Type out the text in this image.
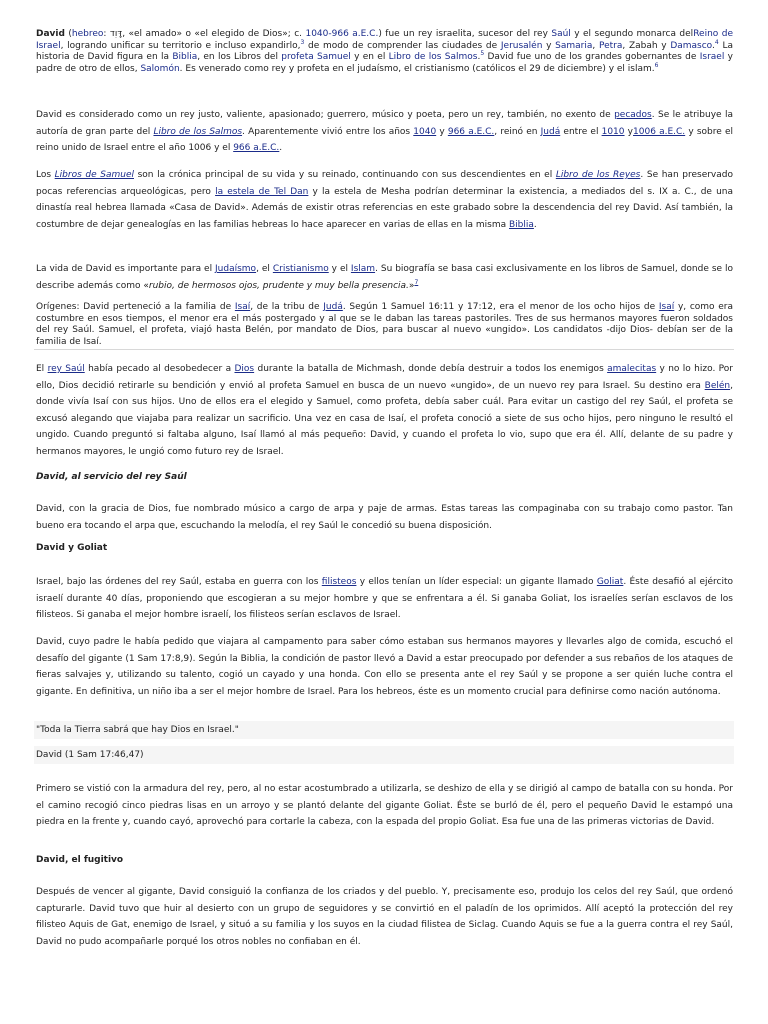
David (hebreo: דָּוִד, «el amado» o «el elegido de Dios»; c. 1040-966 a.E.C.) fue un rey israelita, sucesor del rey Saúl y el segundo monarca delReino de Israel, logrando unificar su territorio e incluso expandirlo,$^3$ de modo de comprender las ciudades de Jerusalén y Samaria, Petra, Zabah y Damasco.$^4$ La historia de David figura en la Biblia, en los Libros del profeta Samuel y en el Libro de los Salmos.$^5$ David fue uno de los grandes gobernantes de Israel y padre de otro de ellos, Salomón. Es venerado como rey y profeta en el judaísmo, el cristianismo (católicos el 29 de diciembre) y el islam.$^6$
David es considerado como un rey justo, valiente, apasionado; guerrero, músico y poeta, pero un rey, también, no exento de pecados. Se le atribuye la autoría de gran parte del Libro de los Salmos. Aparentemente vivió entre los años 1040 y 966 a.E.C., reinó en Judá entre el 1010 y1006 a.E.C. y sobre el reino unido de Israel entre el año 1006 y el 966 a.E.C..
Los Libros de Samuel son la crónica principal de su vida y su reinado, continuando con sus descendientes en el Libro de los Reyes. Se han preservado pocas referencias arqueológicas, pero la estela de Tel Dan y la estela de Mesha podrían determinar la existencia, a mediados del s. IX a. C., de una dinastía real hebrea llamada «Casa de David». Además de existir otras referencias en este grabado sobre la descendencia del rey David. Así también, la costumbre de dejar genealogías en las familias hebreas lo hace aparecer en varias de ellas en la misma Biblia.
La vida de David es importante para el Judaísmo, el Cristianismo y el Islam. Su biografía se basa casi exclusivamente en los libros de Samuel, donde se lo describe además como «rubio, de hermosos ojos, prudente y muy bella presencia.»$^7$
Orígenes: David perteneció a la familia de Isaí, de la tribu de Judá. Según 1 Samuel 16:11 y 17:12, era el menor de los ocho hijos de Isaí y, como era costumbre en esos tiempos, el menor era el más postergado y al que se le daban las tareas pastoriles. Tres de sus hermanos mayores fueron soldados del rey Saúl. Samuel, el profeta, viajó hasta Belén, por mandato de Dios, para buscar al nuevo «ungido». Los candidatos -dijo Dios- debían ser de la familia de Isaí.
El rey Saúl había pecado al desobedecer a Dios durante la batalla de Michmash, donde debía destruir a todos los enemigos amalecitas y no lo hizo. Por ello, Dios decidió retirarle su bendición y envió al profeta Samuel en busca de un nuevo «ungido», de un nuevo rey para Israel. Su destino era Belén, donde vivía Isaí con sus hijos. Uno de ellos era el elegido y Samuel, como profeta, debía saber cuál. Para evitar un castigo del rey Saúl, el profeta se excusó alegando que viajaba para realizar un sacrificio. Una vez en casa de Isaí, el profeta conoció a siete de sus ocho hijos, pero ninguno le resultó el ungido. Cuando preguntó si faltaba alguno, Isaí llamó al más pequeño: David, y cuando el profeta lo vio, supo que era él. Allí, delante de su padre y hermanos mayores, le ungió como futuro rey de Israel.
David, al servicio del rey Saúl
David, con la gracia de Dios, fue nombrado músico a cargo de arpa y paje de armas. Estas tareas las compaginaba con su trabajo como pastor. Tan bueno era tocando el arpa que, escuchando la melodía, el rey Saúl le concedió su buena disposición.
David y Goliat
Israel, bajo las órdenes del rey Saúl, estaba en guerra con los filisteos y ellos tenían un líder especial: un gigante llamado Goliat. Éste desafió al ejército israelí durante 40 días, proponiendo que escogieran a su mejor hombre y que se enfrentara a él. Si ganaba Goliat, los israelíes serían esclavos de los filisteos. Si ganaba el mejor hombre israelí, los filisteos serían esclavos de Israel.
David, cuyo padre le había pedido que viajara al campamento para saber cómo estaban sus hermanos mayores y llevarles algo de comida, escuchó el desafío del gigante (1 Sam 17:8,9). Según la Biblia, la condición de pastor llevó a David a estar preocupado por defender a sus rebaños de los ataques de fieras salvajes y, utilizando su talento, cogió un cayado y una honda. Con ello se presenta ante el rey Saúl y se propone a ser quién luche contra el gigante. En definitiva, un niño iba a ser el mejor hombre de Israel. Para los hebreos, éste es un momento crucial para definirse como nación autónoma.
"Toda la Tierra sabrá que hay Dios en Israel."
David (1 Sam 17:46,47)
Primero se vistió con la armadura del rey, pero, al no estar acostumbrado a utilizarla, se deshizo de ella y se dirigió al campo de batalla con su honda. Por el camino recogió cinco piedras lisas en un arroyo y se plantó delante del gigante Goliat. Éste se burló de él, pero el pequeño David le estampó una piedra en la frente y, cuando cayó, aprovechó para cortarle la cabeza, con la espada del propio Goliat. Esa fue una de las primeras victorias de David.
David, el fugitivo
Después de vencer al gigante, David consiguió la confianza de los criados y del pueblo. Y, precisamente eso, produjo los celos del rey Saúl, que ordenó capturarle. David tuvo que huir al desierto con un grupo de seguidores y se convirtió en el paladín de los oprimidos. Allí aceptó la protección del rey filisteo Aquis de Gat, enemigo de Israel, y situó a su familia y los suyos en la ciudad filistea de Siclag. Cuando Aquis se fue a la guerra contra el rey Saúl, David no pudo acompañarle porqué los otros nobles no confiaban en él.
